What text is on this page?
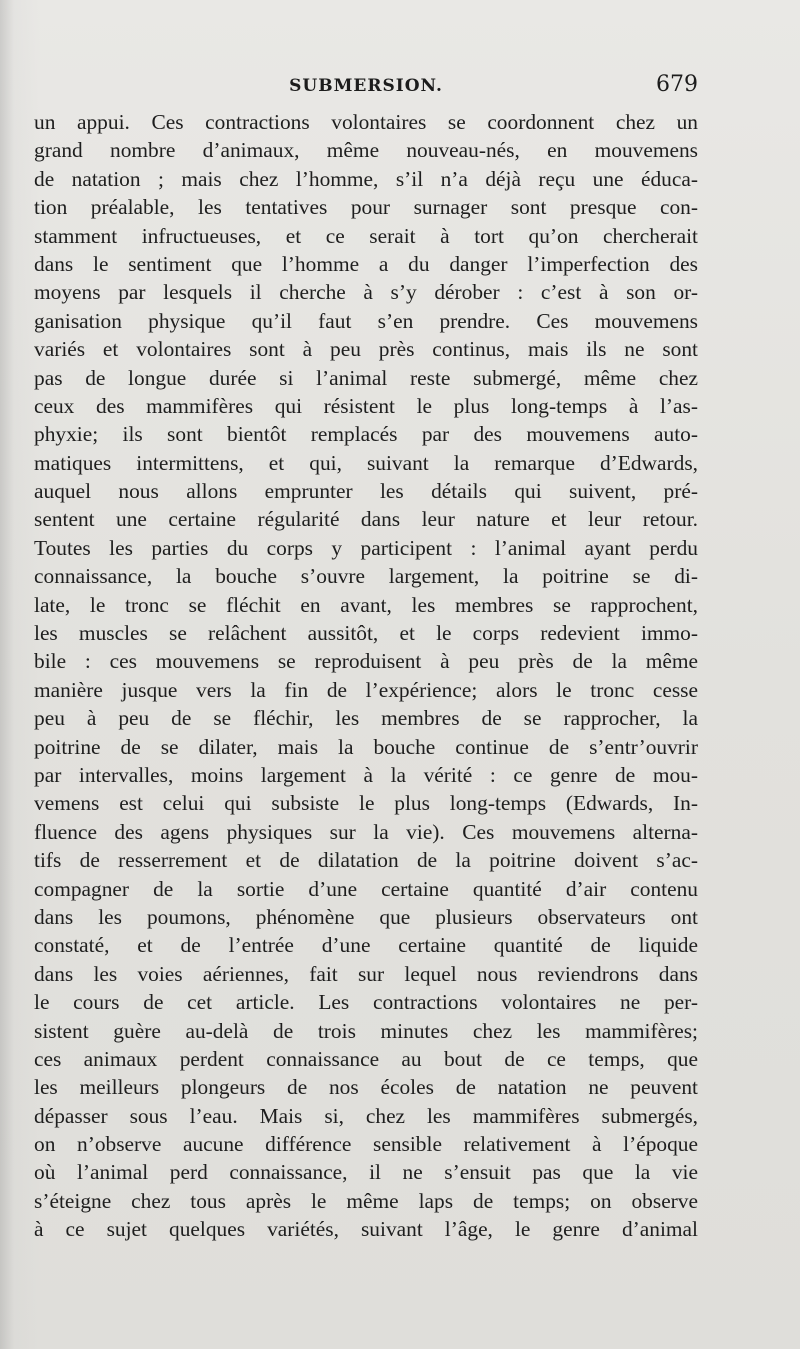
SUBMERSION.	679
un appui. Ces contractions volontaires se coordonnent chez un
grand nombre d’animaux, même nouveau-nés, en mouvemens
de natation ; mais chez l’homme, s’il n’a déjà reçu une éduca-
tion préalable, les tentatives pour surnager sont presque con-
stamment infructueuses, et ce serait à tort qu’on chercherait
dans le sentiment que l’homme a du danger l’imperfection des
moyens par lesquels il cherche à s’y dérober : c’est à son or-
ganisation physique qu’il faut s’en prendre. Ces mouvemens
variés et volontaires sont à peu près continus, mais ils ne sont
pas de longue durée si l’animal reste submergé, même chez
ceux des mammifères qui résistent le plus long-temps à l’as-
phyxie; ils sont bientôt remplacés par des mouvemens auto-
matiques intermittens, et qui, suivant la remarque d’Edwards,
auquel nous allons emprunter les détails qui suivent, pré-
sentent une certaine régularité dans leur nature et leur retour.
Toutes les parties du corps y participent : l’animal ayant perdu
connaissance, la bouche s’ouvre largement, la poitrine se di-
late, le tronc se fléchit en avant, les membres se rapprochent,
les muscles se relâchent aussitôt, et le corps redevient immo-
bile : ces mouvemens se reproduisent à peu près de la même
manière jusque vers la fin de l’expérience; alors le tronc cesse
peu à peu de se fléchir, les membres de se rapprocher, la
poitrine de se dilater, mais la bouche continue de s’entr’ouvrir
par intervalles, moins largement à la vérité : ce genre de mou-
vemens est celui qui subsiste le plus long-temps (Edwards, In-
fluence des agens physiques sur la vie). Ces mouvemens alterna-
tifs de resserrement et de dilatation de la poitrine doivent s’ac-
compagner de la sortie d’une certaine quantité d’air contenu
dans les poumons, phénomène que plusieurs observateurs ont
constaté, et de l’entrée d’une certaine quantité de liquide
dans les voies aériennes, fait sur lequel nous reviendrons dans
le cours de cet article. Les contractions volontaires ne per-
sistent guère au-delà de trois minutes chez les mammifères;
ces animaux perdent connaissance au bout de ce temps, que
les meilleurs plongeurs de nos écoles de natation ne peuvent
dépasser sous l’eau. Mais si, chez les mammifères submergés,
on n’observe aucune différence sensible relativement à l’époque
où l’animal perd connaissance, il ne s’ensuit pas que la vie
s’éteigne chez tous après le même laps de temps; on observe
à ce sujet quelques variétés, suivant l’âge, le genre d’animal
